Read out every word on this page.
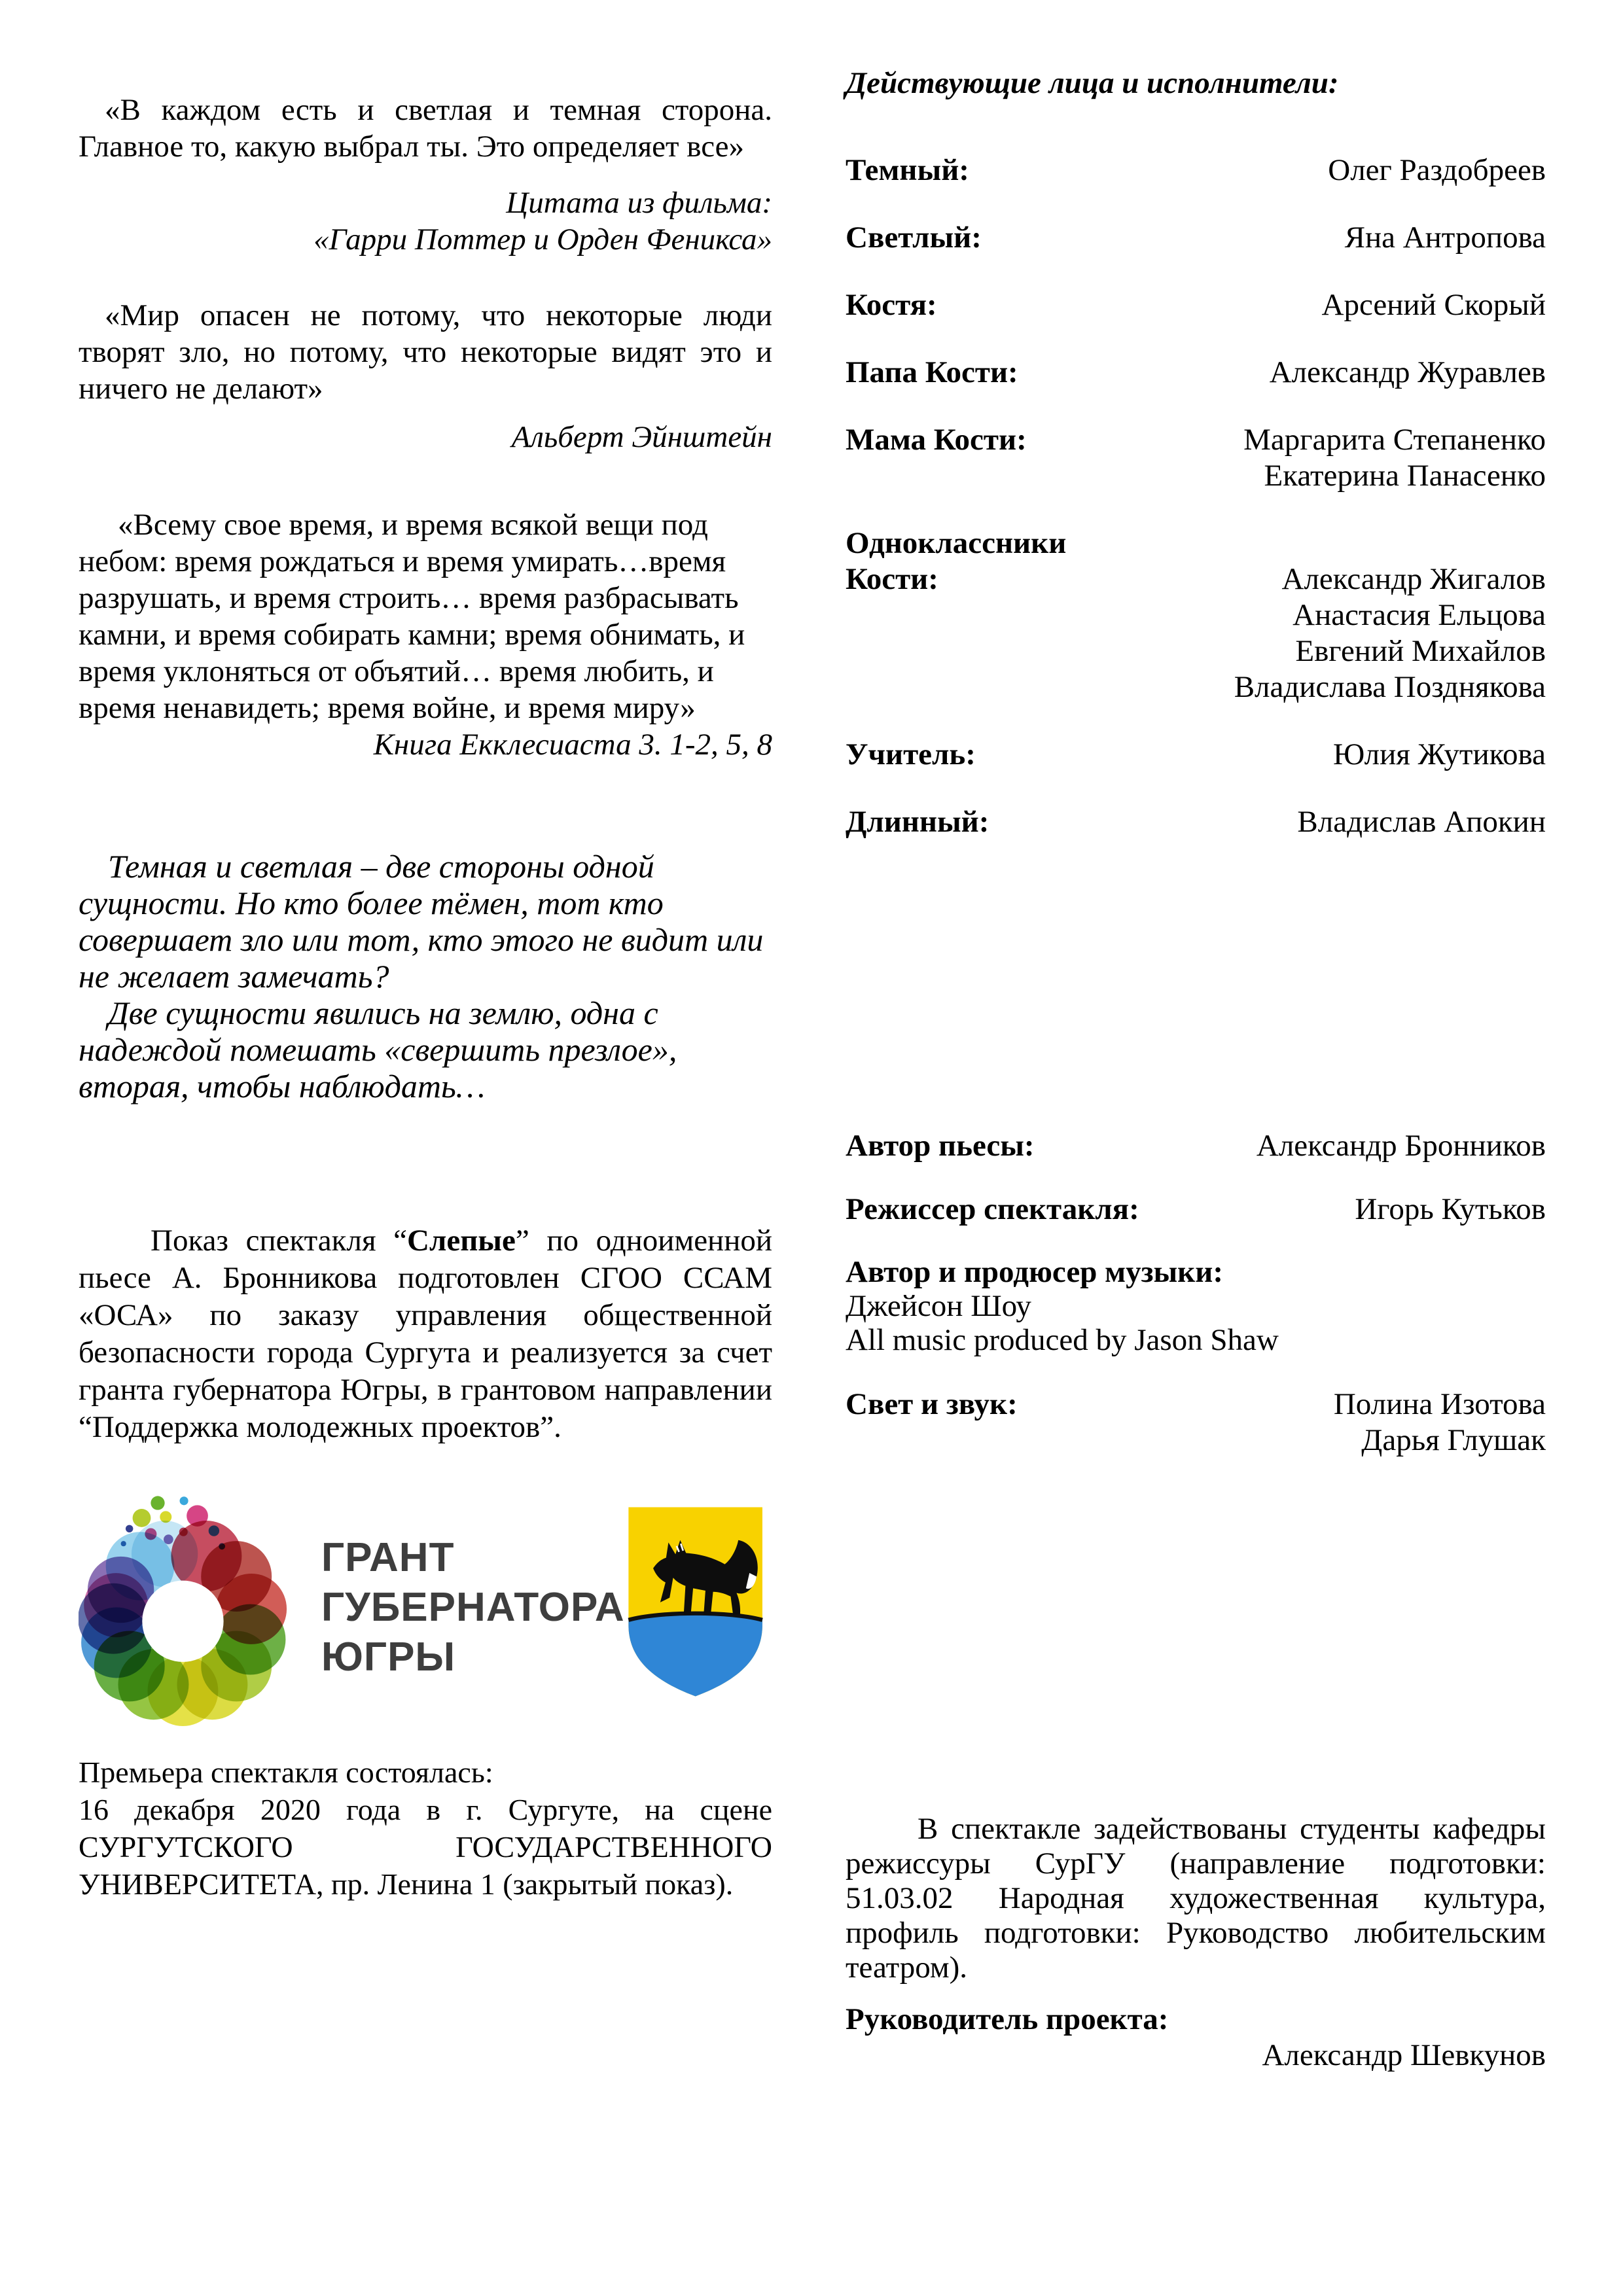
«В каждом есть и светлая и темная сторона. Главное то, какую выбрал ты. Это определяет все»

Цитата из фильма:

«Гарри Поттер и Орден Феникса»

«Мир опасен не потому, что некоторые люди творят зло, но потому, что некоторые видят это и ничего не делают»

Альберт Эйнштейн

«Всему свое время, и время всякой вещи под небом: время рождаться и время умирать…время разрушать, и время строить… время разбрасывать камни, и время собирать камни; время обнимать, и время уклоняться от объятий… время любить, и время ненавидеть; время войне, и время миру»

Книга Екклесиаста 3. 1-2, 5, 8

Темная и светлая – две стороны одной сущности. Но кто более тёмен, тот кто совершает зло или тот, кто этого не видит или не желает замечать?

Две сущности явились на землю, одна с надеждой помешать «свершить презлое», вторая, чтобы наблюдать…

Показ спектакля “Слепые” по одноименной пьесе А. Бронникова подготовлен СГОО ССАМ «ОСА» по заказу управления общественной безопасности города Сургута и реализуется за счет гранта губернатора Югры, в грантовом направлении “Поддержка молодежных проектов”.

ГРАНТ
ГУБЕРНАТОРА
ЮГРЫ

Премьера спектакля состоялась:

16 декабря 2020 года в г. Сургуте, на сцене СУРГУТСКОГО ГОСУДАРСТВЕННОГО УНИВЕРСИТЕТА, пр. Ленина 1 (закрытый показ).

Действующие лица и исполнители:

Темный:	Олег Раздобреев
Светлый:	Яна Антропова
Костя:	Арсений Скорый
Папа Кости:	Александр Журавлев
Мама Кости:	Маргарита Степаненко
Екатерина Панасенко
Одноклассники
Кости:	Александр Жигалов
Анастасия Ельцова
Евгений Михайлов
Владислава Позднякова
Учитель:	Юлия Жутикова
Длинный:	Владислав Апокин
Автор пьесы:	Александр Бронников
Режиссер спектакля:	Игорь Кутьков
Автор и продюсер музыки:
Джейсон Шоу
All music produced by Jason Shaw
Свет и звук:	Полина Изотова
Дарья Глушак

В спектакле задействованы студенты кафедры режиссуры СурГУ (направление подготовки: 51.03.02 Народная художественная культура, профиль подготовки: Руководство любительским театром).

Руководитель проекта:
Александр Шевкунов
